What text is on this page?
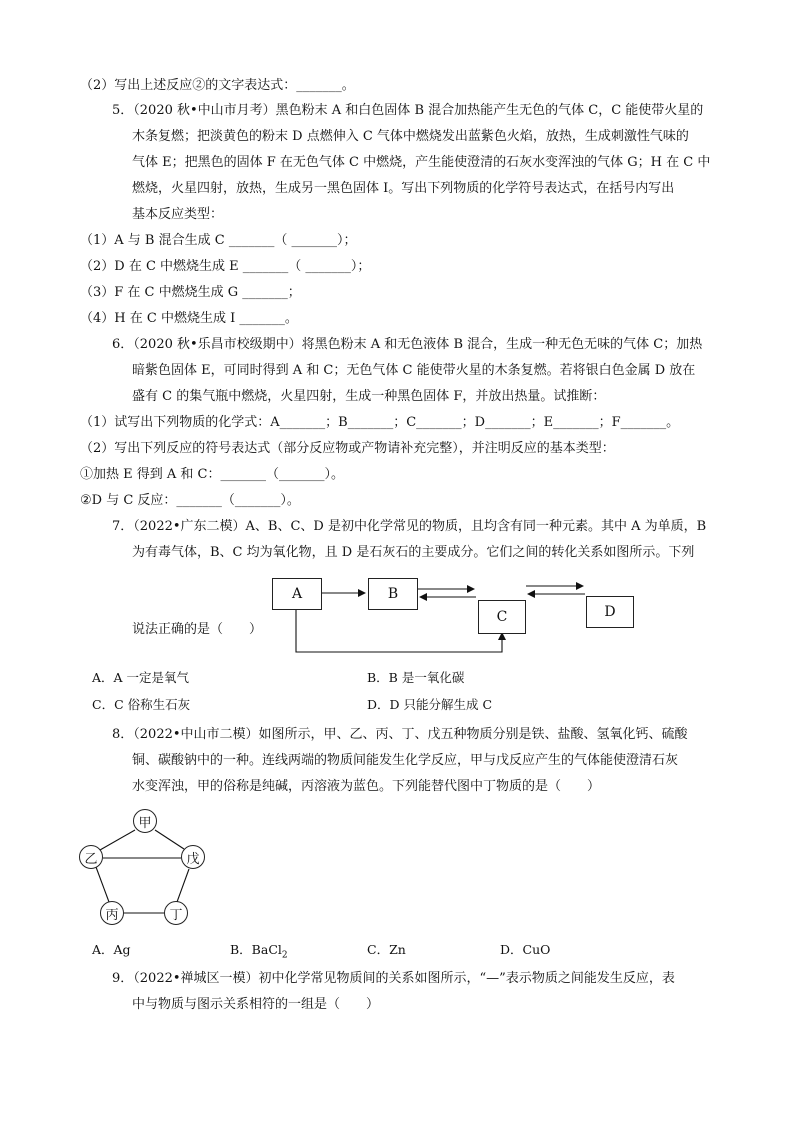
（2）写出上述反应②的文字表达式：_______。
5．（2020 秋•中山市月考）黑色粉末 A 和白色固体 B 混合加热能产生无色的气体 C，C 能使带火星的
木条复燃；把淡黄色的粉末 D 点燃伸入 C 气体中燃烧发出蓝紫色火焰，放热，生成刺激性气味的
气体 E；把黑色的固体 F 在无色气体 C 中燃烧，产生能使澄清的石灰水变浑浊的气体 G；H 在 C 中
燃烧，火星四射，放热，生成另一黑色固体 I。写出下列物质的化学符号表达式，在括号内写出
基本反应类型：
（1）A 与 B 混合生成 C _______（ _______）；
（2）D 在 C 中燃烧生成 E _______（ _______）；
（3）F 在 C 中燃烧生成 G _______；
（4）H 在 C 中燃烧生成 I _______。
6．（2020 秋•乐昌市校级期中）将黑色粉末 A 和无色液体 B 混合，生成一种无色无味的气体 C；加热
暗紫色固体 E，可同时得到 A 和 C；无色气体 C 能使带火星的木条复燃。若将银白色金属 D 放在
盛有 C 的集气瓶中燃烧，火星四射，生成一种黑色固体 F，并放出热量。试推断：
（1）试写出下列物质的化学式：A_______；B_______；C_______；D_______；E_______；F_______。
（2）写出下列反应的符号表达式（部分反应物或产物请补充完整），并注明反应的基本类型：
①加热 E 得到 A 和 C：_______（_______）。
②D 与 C 反应：_______（_______）。
7．（2022•广东二模）A、B、C、D 是初中化学常见的物质，且均含有同一种元素。其中 A 为单质，B
为有毒气体，B、C 均为氧化物，且 D 是石灰石的主要成分。它们之间的转化关系如图所示。下列
说法正确的是（　　）
A	B
C	D
A．A 一定是氧气	B．B 是一氧化碳
C．C 俗称生石灰	D．D 只能分解生成 C
8．（2022•中山市二模）如图所示，甲、乙、丙、丁、戊五种物质分别是铁、盐酸、氢氧化钙、硫酸
铜、碳酸钠中的一种。连线两端的物质间能发生化学反应，甲与戊反应产生的气体能使澄清石灰
水变浑浊，甲的俗称是纯碱，丙溶液为蓝色。下列能替代图中丁物质的是（　　）
甲
乙	戊
丙	丁
A．Ag	B．BaCl$_2$	C．Zn	D．CuO
9．（2022•禅城区一模）初中化学常见物质间的关系如图所示，“—”表示物质之间能发生反应，表
中与物质与图示关系相符的一组是（　　）
